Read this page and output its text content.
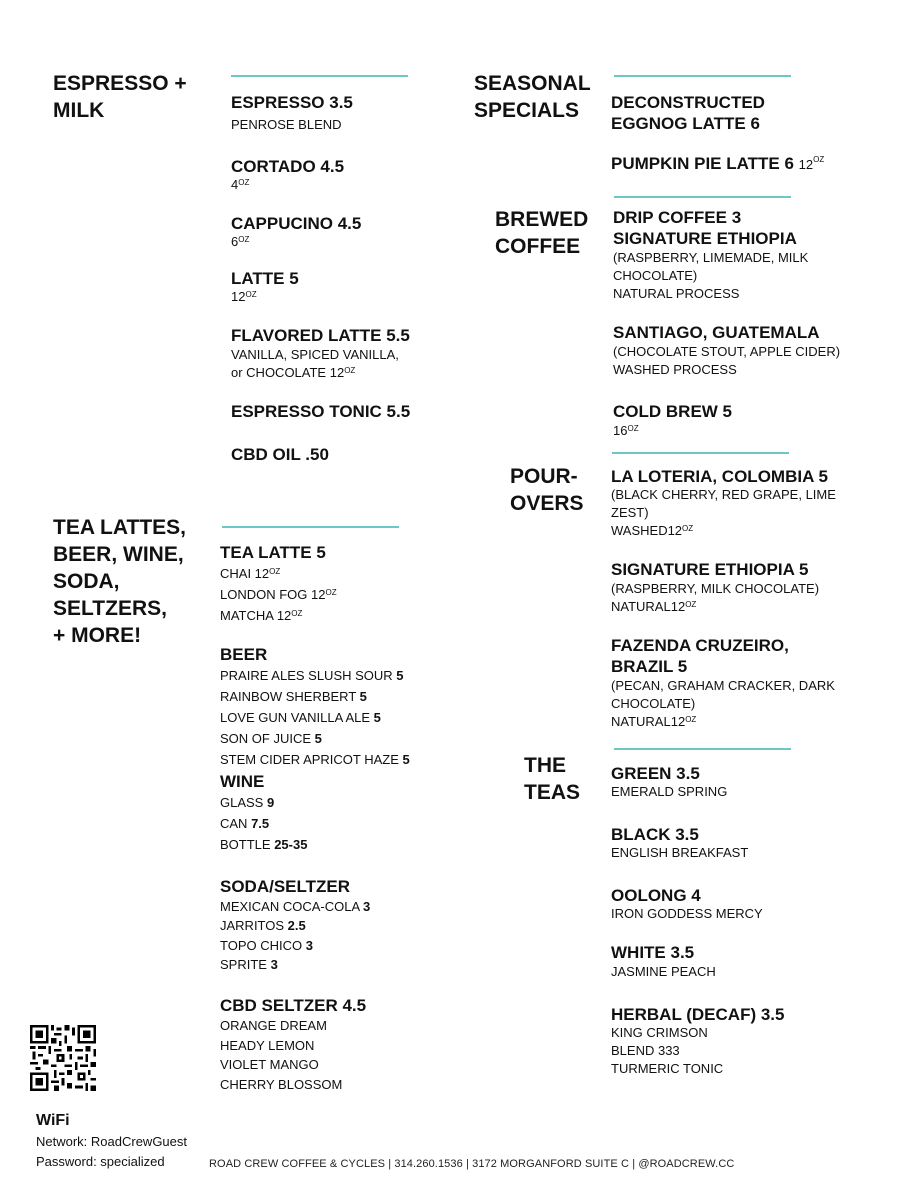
ESPRESSO +
MILK	ESPRESSO 3.5
PENROSE BLEND
CORTADO 4.5
$4^{OZ}$
CAPPUCINO 4.5
$6^{OZ}$
LATTE 5
$12^{OZ}$
FLAVORED LATTE 5.5
VANILLA, SPICED VANILLA,
or CHOCOLATE $12^{OZ}$
ESPRESSO TONIC 5.5
CBD OIL .50
TEA LATTES,
BEER, WINE,
SODA,
SELTZERS,
+ MORE!
TEA LATTE 5
CHAI $12^{OZ}$
LONDON FOG $12^{OZ}$
MATCHA $12^{OZ}$
BEER
PRAIRE ALES SLUSH SOUR 5
RAINBOW SHERBERT 5
LOVE GUN VANILLA ALE 5
SON OF JUICE 5
STEM CIDER APRICOT HAZE 5
WINE
GLASS 9
CAN 7.5
BOTTLE 25-35
SODA/SELTZER
MEXICAN COCA-COLA 3
JARRITOS 2.5
TOPO CHICO 3
SPRITE 3
CBD SELTZER 4.5
ORANGE DREAM
HEADY LEMON
VIOLET MANGO
CHERRY BLOSSOM
SEASONAL
SPECIALS	DECONSTRUCTED
EGGNOG LATTE 6
PUMPKIN PIE LATTE 6 $12^{OZ}$
BREWED
COFFEE
DRIP COFFEE 3
SIGNATURE ETHIOPIA
(RASPBERRY, LIMEMADE, MILK
CHOCOLATE)
NATURAL PROCESS
SANTIAGO, GUATEMALA
(CHOCOLATE STOUT, APPLE CIDER)
WASHED PROCESS
COLD BREW 5
$16^{OZ}$
POUR-
OVERS
LA LOTERIA, COLOMBIA 5
(BLACK CHERRY, RED GRAPE, LIME
ZEST)
$WASHED12^{OZ}$
SIGNATURE ETHIOPIA 5
(RASPBERRY, MILK CHOCOLATE)
$NATURAL12^{OZ}$
FAZENDA CRUZEIRO,
BRAZIL 5
(PECAN, GRAHAM CRACKER, DARK
CHOCOLATE)
$NATURAL12^{OZ}$
THE
TEAS
GREEN 3.5
EMERALD SPRING
BLACK 3.5
ENGLISH BREAKFAST
OOLONG 4
IRON GODDESS MERCY
WHITE 3.5
JASMINE PEACH
HERBAL (DECAF) 3.5
KING CRIMSON
BLEND 333
TURMERIC TONIC
WiFi
Network: RoadCrewGuest
Password: specialized	ROAD CREW COFFEE & CYCLES | 314.260.1536 | 3172 MORGANFORD SUITE C | @ROADCREW.CC
